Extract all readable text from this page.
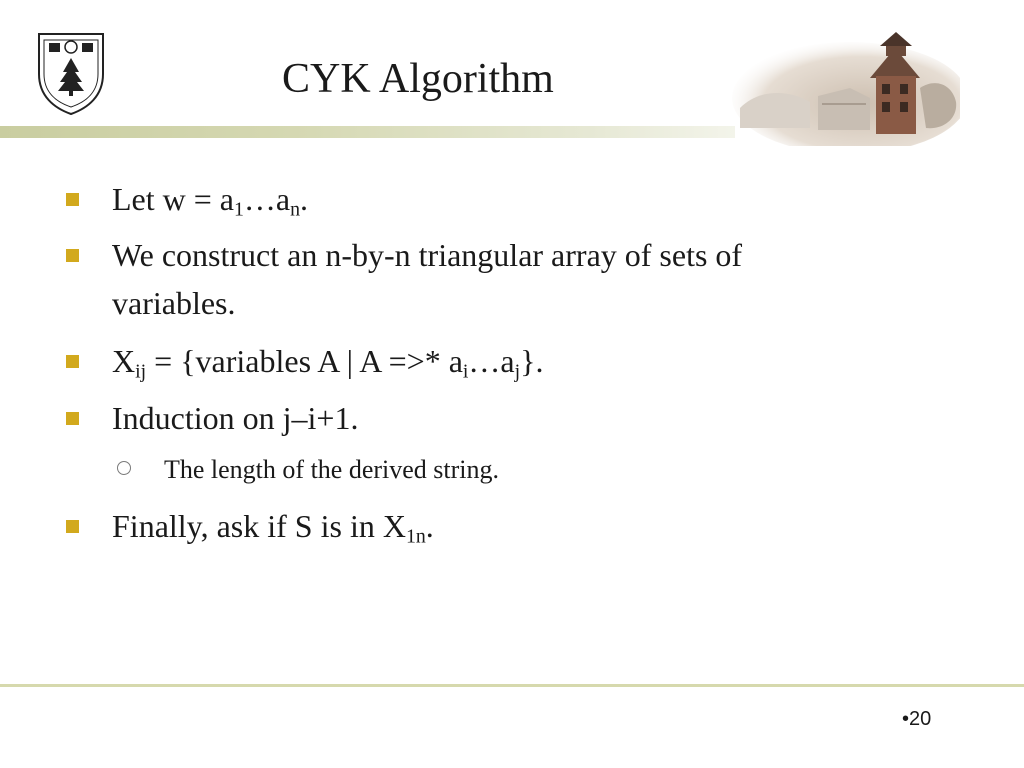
CYK Algorithm
Let $w = a_1\dots a_n$.
We construct an n-by-n triangular array of sets of
variables.
$X_{ij}$ = {variables A | A =>* $a_i\dots a_j$}.
Induction on j–i+1.
The length of the derived string.
Finally, ask if S is in $X_{1n}$.
•20
